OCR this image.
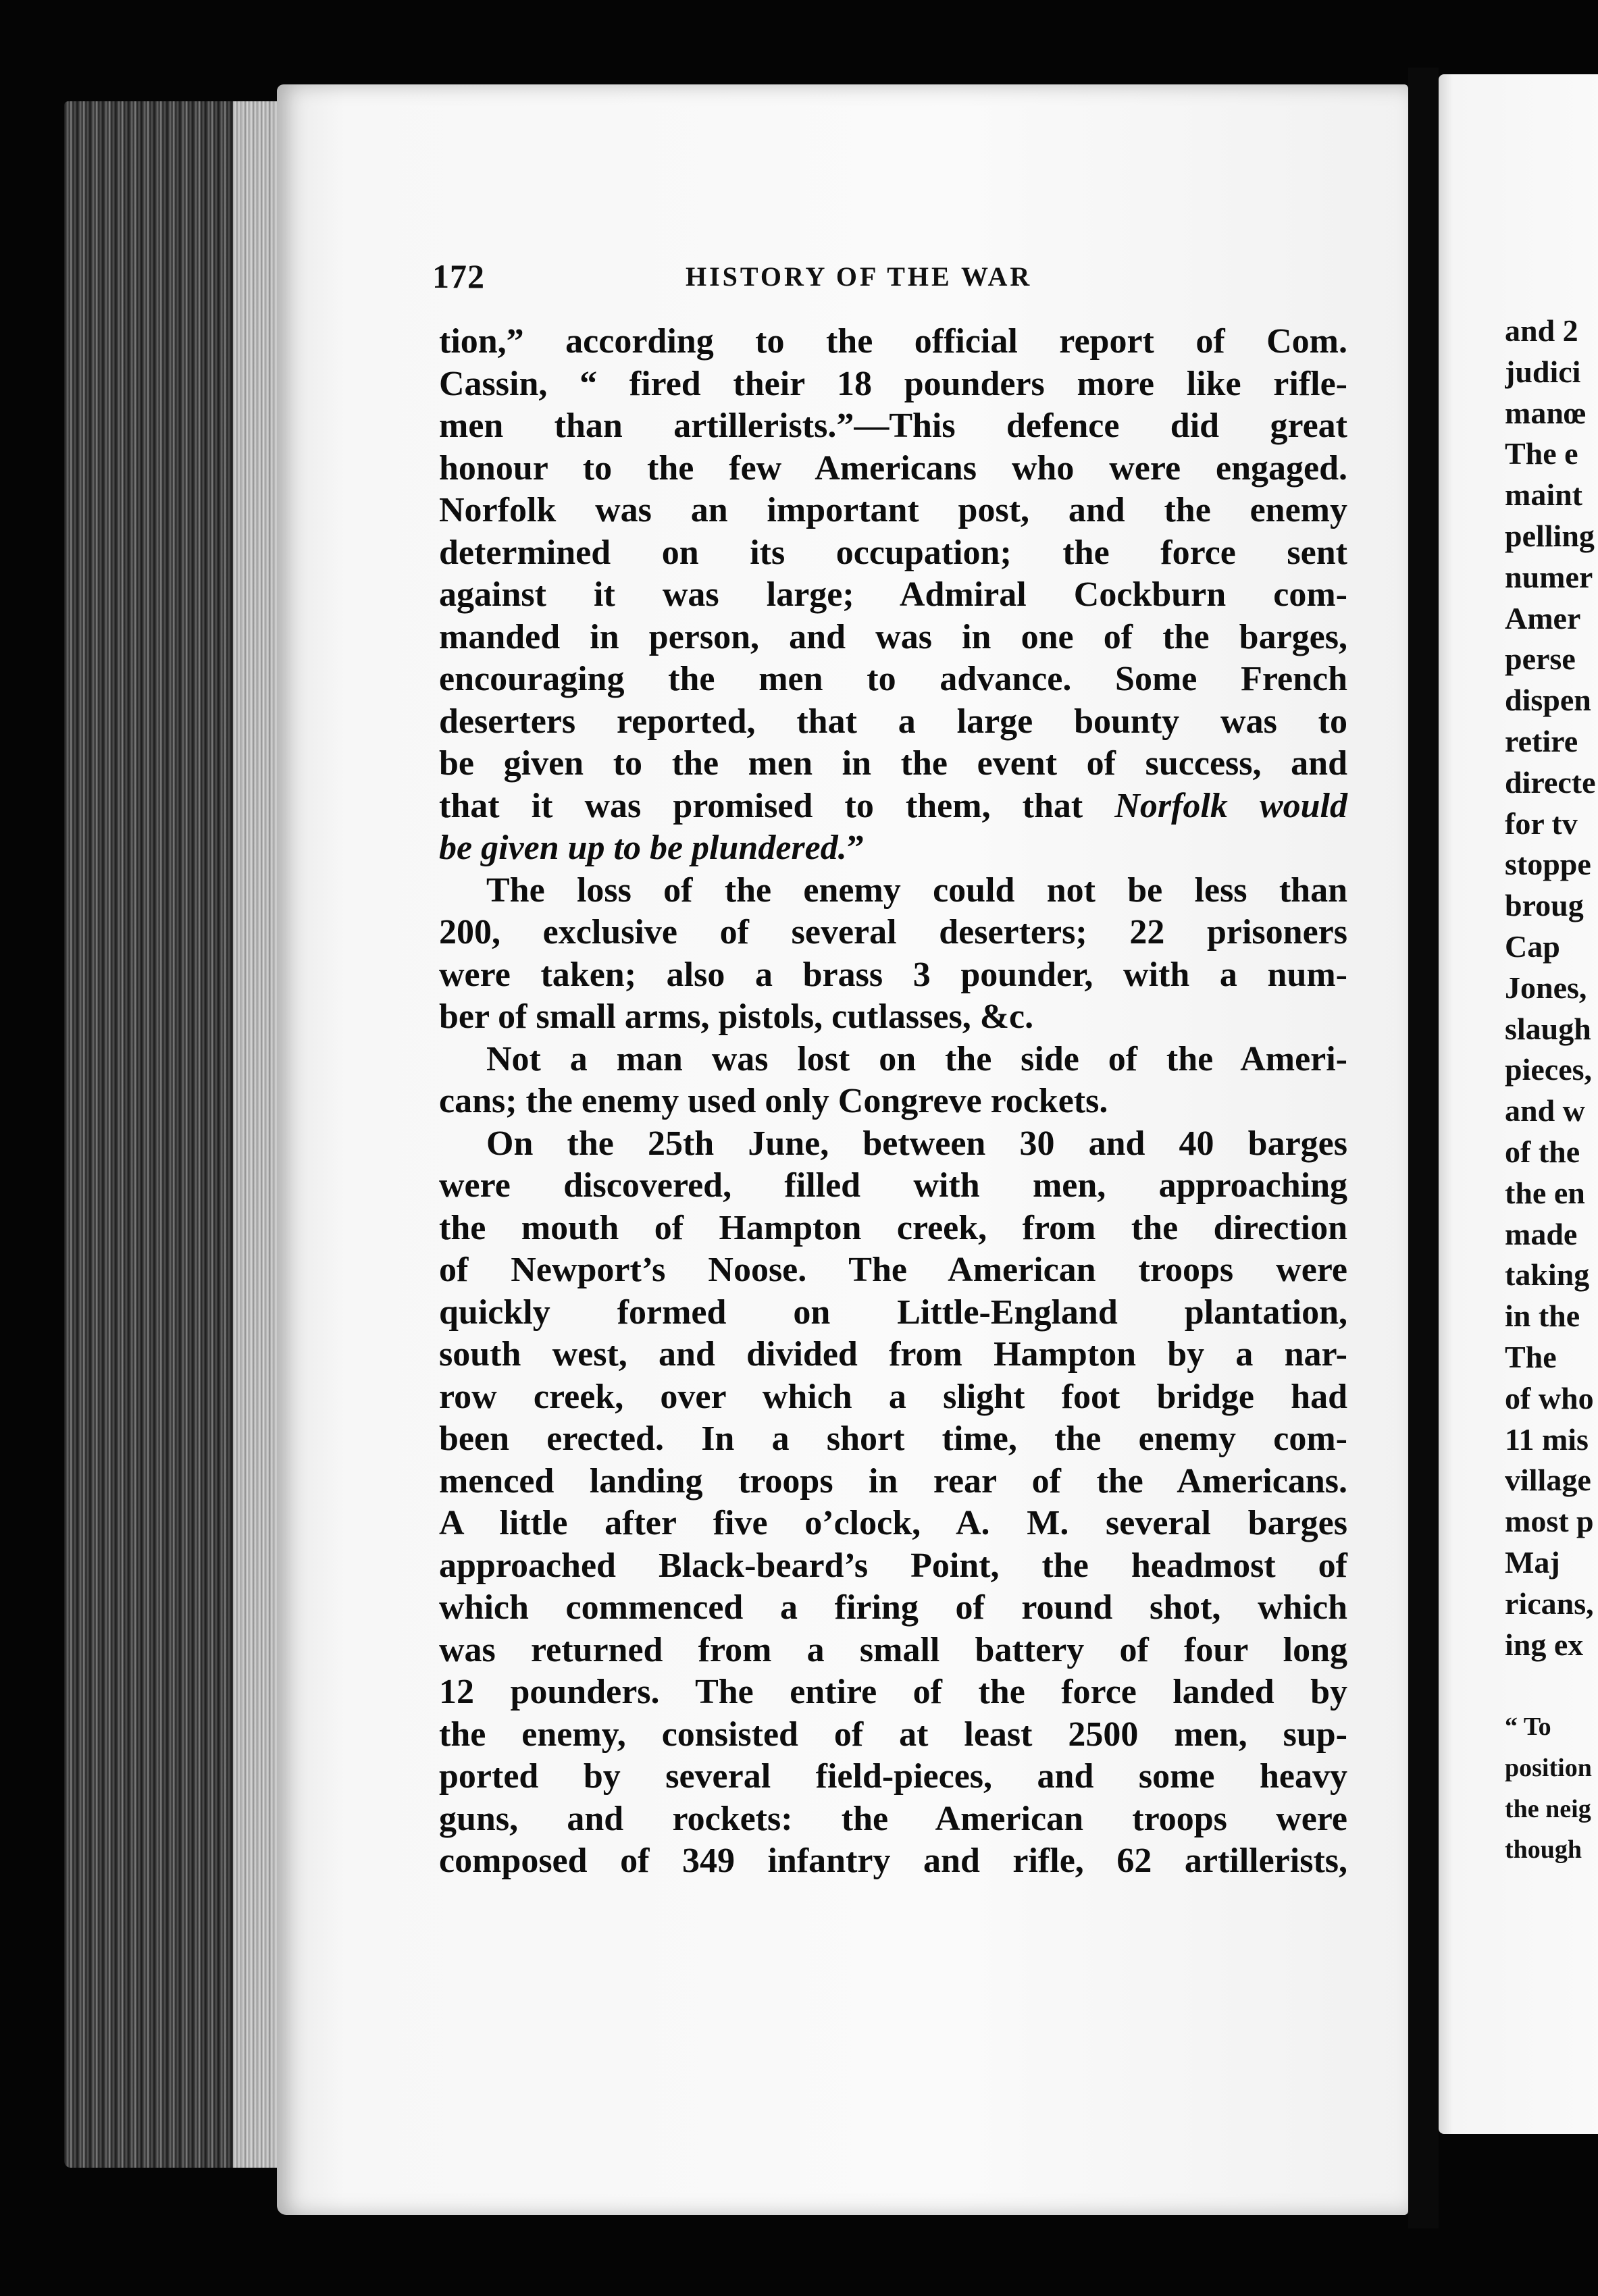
172	HISTORY OF THE WAR
tion,” according to the official report of Com.
Cassin, “ fired their 18 pounders more like rifle-
men than artillerists.”—This defence did great
honour to the few Americans who were engaged.
Norfolk was an important post, and the enemy
determined on its occupation; the force sent
against it was large; Admiral Cockburn com-
manded in person, and was in one of the barges,
encouraging the men to advance. Some French
deserters reported, that a large bounty was to
be given to the men in the event of success, and
that it was promised to them, that Norfolk would
be given up to be plundered.”
The loss of the enemy could not be less than
200, exclusive of several deserters; 22 prisoners
were taken; also a brass 3 pounder, with a num-
ber of small arms, pistols, cutlasses, &c.
Not a man was lost on the side of the Ameri-
cans; the enemy used only Congreve rockets.
On the 25th June, between 30 and 40 barges
were discovered, filled with men, approaching
the mouth of Hampton creek, from the direction
of Newport’s Noose. The American troops were
quickly formed on Little-England plantation,
south west, and divided from Hampton by a nar-
row creek, over which a slight foot bridge had
been erected. In a short time, the enemy com-
menced landing troops in rear of the Americans.
A little after five o’clock, A. M. several barges
approached Black-beard’s Point, the headmost of
which commenced a firing of round shot, which
was returned from a small battery of four long
12 pounders. The entire of the force landed by
the enemy, consisted of at least 2500 men, sup-
ported by several field-pieces, and some heavy
guns, and rockets: the American troops were
composed of 349 infantry and rifle, 62 artillerists,
and 2
judici
manœ
The e
maint
pelling
numer
Amer
perse
dispen
retire
directe
for tv
stoppe
broug
Cap
Jones,
slaugh
pieces,
and w
of the
the en
made
taking
in the
The
of who
11 mis
village
most p
Maj
ricans,
ing ex
“ To
position
the neig
though
